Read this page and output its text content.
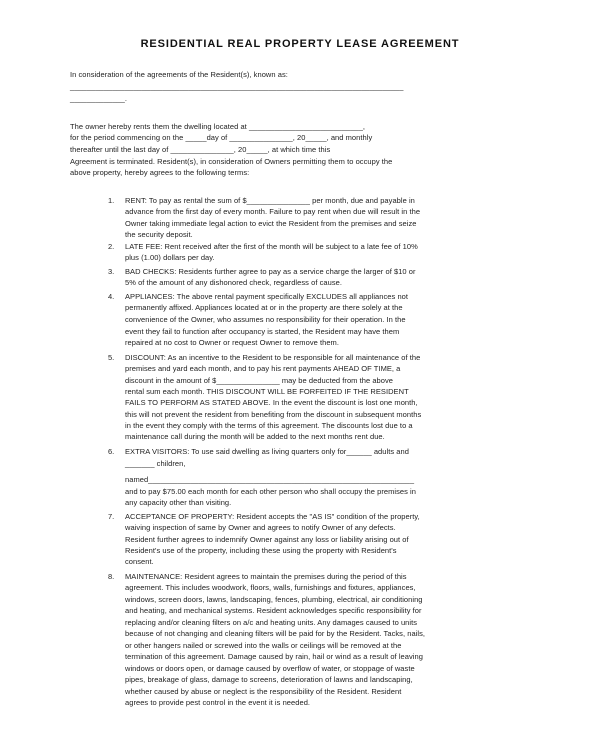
RESIDENTIAL REAL PROPERTY LEASE AGREEMENT
In consideration of the agreements of the Resident(s), known as:
_______________________________________________________________________________
_____________.
The owner hereby rents them the dwelling located at ___________________________,
for the period commencing on the _____day of _______________, 20_____, and monthly
thereafter until the last day of _______________, 20_____, at which time this
Agreement is terminated. Resident(s), in consideration of Owners permitting them to occupy the
above property, hereby agrees to the following terms:
1. RENT: To pay as rental the sum of $_______________ per month, due and payable in
advance from the first day of every month. Failure to pay rent when due will result in the
Owner taking immediate legal action to evict the Resident from the premises and seize
the security deposit.
2. LATE FEE: Rent received after the first of the month will be subject to a late fee of 10%
plus (1.00) dollars per day.
3. BAD CHECKS: Residents further agree to pay as a service charge the larger of $10 or
5% of the amount of any dishonored check, regardless of cause.
4. APPLIANCES: The above rental payment specifically EXCLUDES all appliances not
permanently affixed. Appliances located at or in the property are there solely at the
convenience of the Owner, who assumes no responsibility for their operation. In the
event they fail to function after occupancy is started, the Resident may have them
repaired at no cost to Owner or request Owner to remove them.
5. DISCOUNT: As an incentive to the Resident to be responsible for all maintenance of the
premises and yard each month, and to pay his rent payments AHEAD OF TIME, a
discount in the amount of $_______________ may be deducted from the above
rental sum each month. THIS DISCOUNT WILL BE FORFEITED IF THE RESIDENT
FAILS TO PERFORM AS STATED ABOVE. In the event the discount is lost one month,
this will not prevent the resident from benefiting from the discount in subsequent months
in the event they comply with the terms of this agreement. The discounts lost due to a
maintenance call during the month will be added to the next months rent due.
6. EXTRA VISITORS: To use said dwelling as living quarters only for______ adults and
_______ children,
named_______________________________________________________________
and to pay $75.00 each month for each other person who shall occupy the premises in
any capacity other than visiting.
7. ACCEPTANCE OF PROPERTY: Resident accepts the "AS IS" condition of the property,
waiving inspection of same by Owner and agrees to notify Owner of any defects.
Resident further agrees to indemnify Owner against any loss or liability arising out of
Resident's use of the property, including these using the property with Resident's
consent.
8. MAINTENANCE: Resident agrees to maintain the premises during the period of this
agreement. This includes woodwork, floors, walls, furnishings and fixtures, appliances,
windows, screen doors, lawns, landscaping, fences, plumbing, electrical, air conditioning
and heating, and mechanical systems. Resident acknowledges specific responsibility for
replacing and/or cleaning filters on a/c and heating units. Any damages caused to units
because of not changing and cleaning filters will be paid for by the Resident. Tacks, nails,
or other hangers nailed or screwed into the walls or ceilings will be removed at the
termination of this agreement. Damage caused by rain, hail or wind as a result of leaving
windows or doors open, or damage caused by overflow of water, or stoppage of waste
pipes, breakage of glass, damage to screens, deterioration of lawns and landscaping,
whether caused by abuse or neglect is the responsibility of the Resident. Resident
agrees to provide pest control in the event it is needed.
